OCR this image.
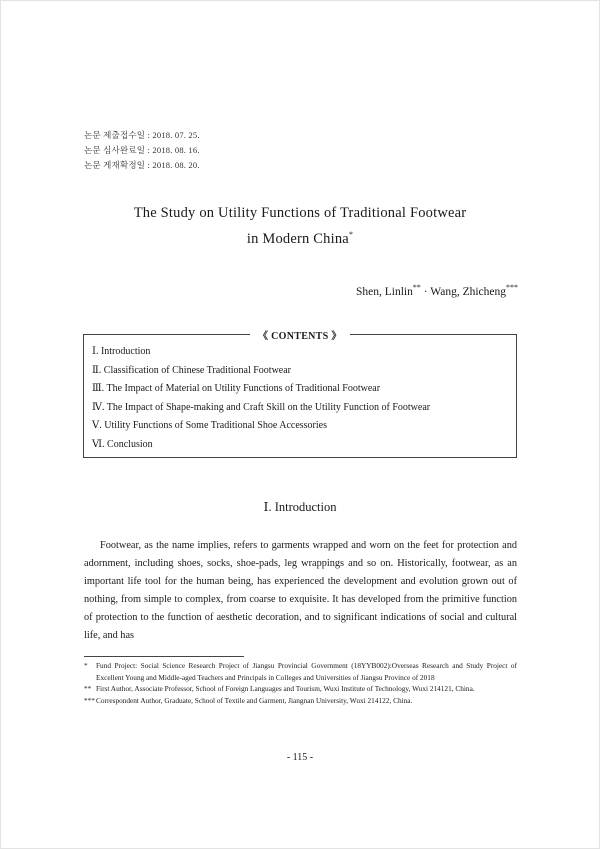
논문 제출접수일 : 2018. 07. 25.
논문 심사완료일 : 2018. 08. 16.
논문 게재확정일 : 2018. 08. 20.
The Study on Utility Functions of Traditional Footwear
in Modern China*
Shen, Linlin** · Wang, Zhicheng***
《 CONTENTS 》
Ⅰ. Introduction
Ⅱ. Classification of Chinese Traditional Footwear
Ⅲ. The Impact of Material on Utility Functions of Traditional Footwear
Ⅳ. The Impact of Shape-making and Craft Skill on the Utility Function of Footwear
Ⅴ. Utility Functions of Some Traditional Shoe Accessories
Ⅵ. Conclusion
Ⅰ. Introduction

Footwear, as the name implies, refers to garments wrapped and worn on the feet for protection and adornment, including shoes, socks, shoe-pads, leg wrappings and so on. Historically, footwear, as an important life tool for the human being, has experienced the development and evolution grown out of nothing, from simple to complex, from coarse to exquisite. It has developed from the primitive function of protection to the function of aesthetic decoration, and to significant indications of social and cultural life, and has

* Fund Project: Social Science Research Project of Jiangsu Provincial Government (18YYB002):Overseas Research and Study Project of Excellent Young and Middle-aged Teachers and Principals in Colleges and Universities of Jiangsu Province of 2018
** First Author, Associate Professor, School of Foreign Languages and Tourism, Wuxi Institute of Technology, Wuxi 214121, China.
*** Correspondent Author, Graduate, School of Textile and Garment, Jiangnan University, Wuxi 214122, China.
- 115 -
